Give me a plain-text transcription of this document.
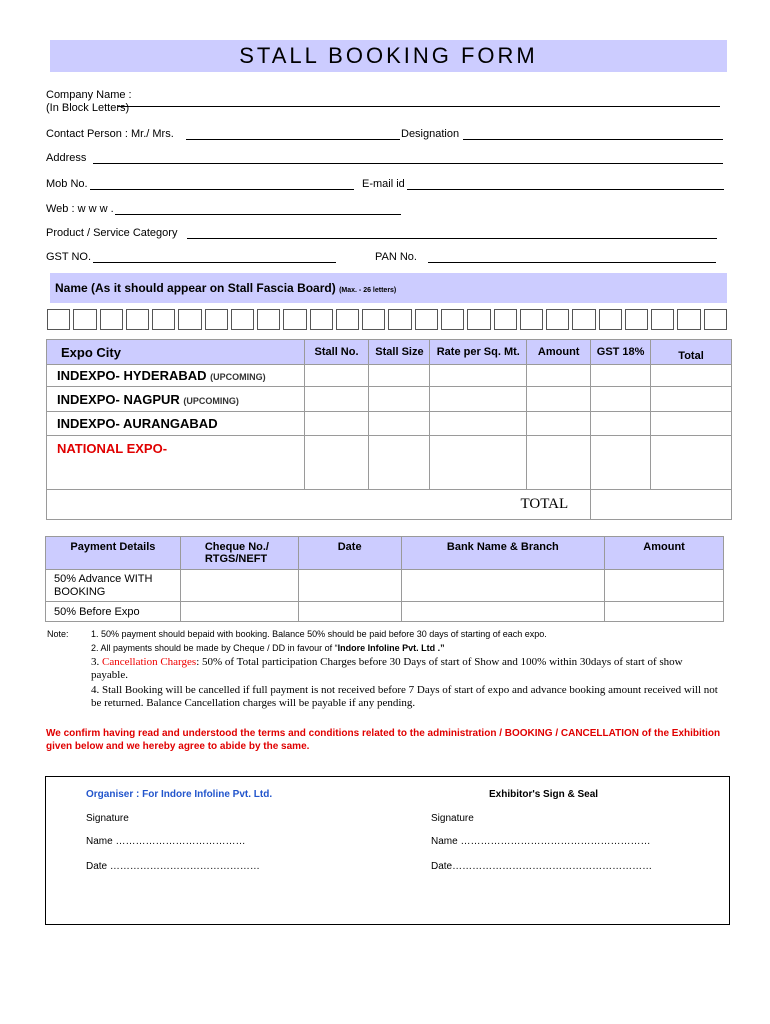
STALL BOOKING FORM
Company Name :
(In Block Letters)
Contact Person : Mr./ Mrs.	Designation
Address
Mob No.	E-mail id
Web : w w w .
Product / Service Category
GST NO.	PAN No.
Name (As it should appear on Stall Fascia Board) (Max. - 26 letters)
Expo City	Stall No.	Stall Size	Rate per Sq. Mt.	Amount	GST 18%	Total
INDEXPO- HYDERABAD (UPCOMING)						
INDEXPO- NAGPUR (UPCOMING)						
INDEXPO- AURANGABAD						
NATIONAL EXPO-						
TOTAL						
Payment Details	Cheque No./ RTGS/NEFT	Date	Bank Name & Branch	Amount
50% Advance WITH BOOKING				
50% Before Expo				
Note: 1. 50% payment should bepaid with booking. Balance 50% should be paid before 30 days of starting of each expo.
2. All payments should be made by Cheque / DD in favour of “Indore Infoline Pvt. Ltd .”
3. Cancellation Charges: 50% of Total participation Charges before 30 Days of start of Show and 100% within 30days of start of show payable.
4. Stall Booking will be cancelled if full payment is not received before 7 Days of start of expo and advance booking amount received will not be returned. Balance Cancellation charges will be payable if any pending.
We confirm having read and understood the terms and conditions related to the administration / BOOKING / CANCELLATION of the Exhibition given below and we hereby agree to abide by the same.
Organiser : For Indore Infoline Pvt. Ltd.	Exhibitor's Sign & Seal
Signature	Signature
Name …………………………………	Name …………………………………………………
Date ………………………………………	Date……………………………………………………
